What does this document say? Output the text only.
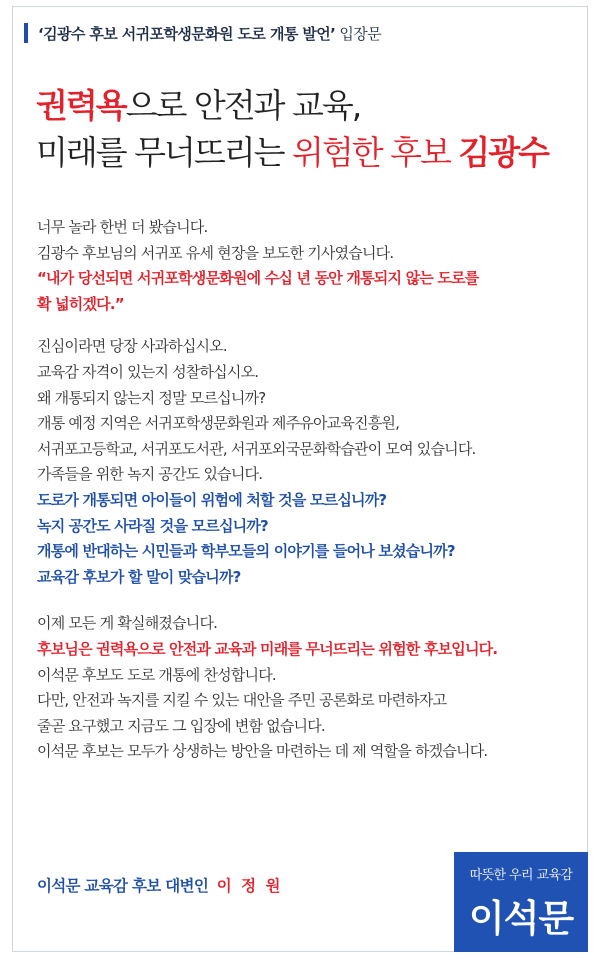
‘김광수 후보 서귀포학생문화원 도로 개통 발언’ 입장문
권력욕으로 안전과 교육,
미래를 무너뜨리는 위험한 후보 김광수

너무 놀라 한번 더 봤습니다.

김광수 후보님의 서귀포 유세 현장을 보도한 기사였습니다.

“내가 당선되면 서귀포학생문화원에 수십 년 동안 개통되지 않는 도로를

확 넓히겠다.”

진심이라면 당장 사과하십시오.

교육감 자격이 있는지 성찰하십시오.

왜 개통되지 않는지 정말 모르십니까?

개통 예정 지역은 서귀포학생문화원과 제주유아교육진흥원,

서귀포고등학교, 서귀포도서관, 서귀포외국문화학습관이 모여 있습니다.

가족들을 위한 녹지 공간도 있습니다.

도로가 개통되면 아이들이 위험에 처할 것을 모르십니까?

녹지 공간도 사라질 것을 모르십니까?

개통에 반대하는 시민들과 학부모들의 이야기를 들어나 보셨습니까?

교육감 후보가 할 말이 맞습니까?

이제 모든 게 확실해졌습니다.

후보님은 권력욕으로 안전과 교육과 미래를 무너뜨리는 위험한 후보입니다.

이석문 후보도 도로 개통에 찬성합니다.

다만, 안전과 녹지를 지킬 수 있는 대안을 주민 공론화로 마련하자고

줄곧 요구했고 지금도 그 입장에 변함 없습니다.

이석문 후보는 모두가 상생하는 방안을 마련하는 데 제 역할을 하겠습니다.

이석문 교육감 후보 대변인 이 정 원
따뜻한 우리 교육감
이석문
